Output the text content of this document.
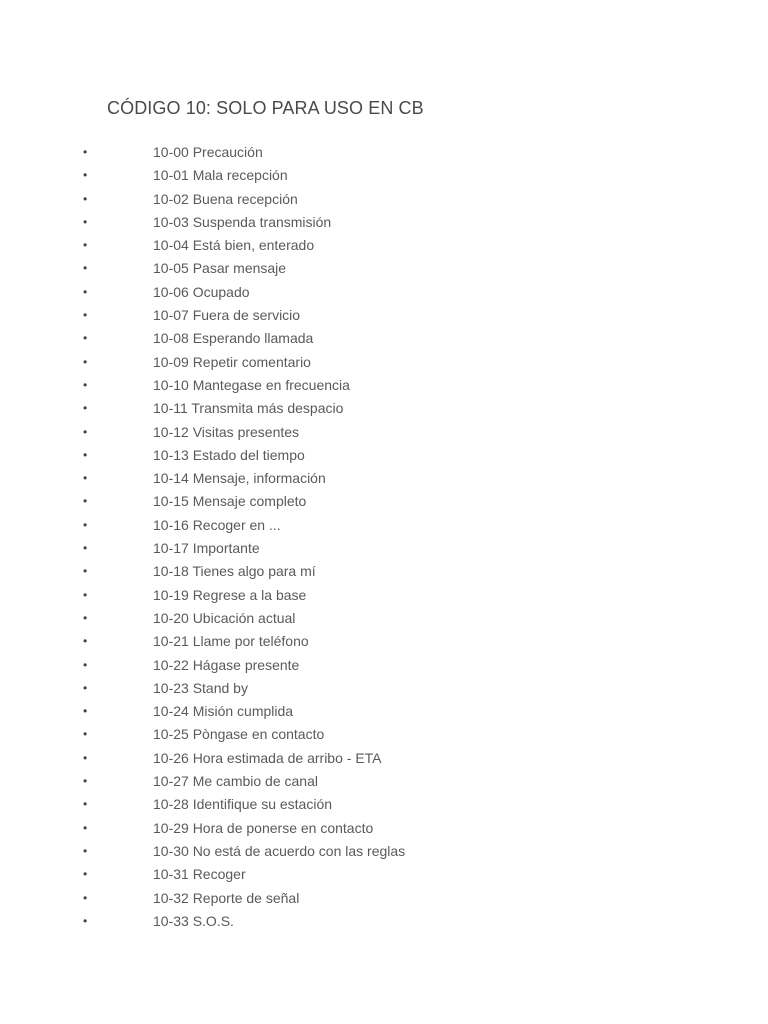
CÓDIGO 10: SOLO PARA USO EN CB
•	10-00 Precaución
•	10-01 Mala recepción
•	10-02 Buena recepción
•	10-03 Suspenda transmisión
•	10-04 Está bien, enterado
•	10-05 Pasar mensaje
•	10-06 Ocupado
•	10-07 Fuera de servicio
•	10-08 Esperando llamada
•	10-09 Repetir comentario
•	10-10 Mantegase en frecuencia
•	10-11 Transmita más despacio
•	10-12 Visitas presentes
•	10-13 Estado del tiempo
•	10-14 Mensaje, información
•	10-15 Mensaje completo
•	10-16 Recoger en ...
•	10-17 Importante
•	10-18 Tienes algo para mí
•	10-19 Regrese a la base
•	10-20 Ubicación actual
•	10-21 Llame por teléfono
•	10-22 Hágase presente
•	10-23 Stand by
•	10-24 Misión cumplida
•	10-25 Pòngase en contacto
•	10-26 Hora estimada de arribo - ETA
•	10-27 Me cambio de canal
•	10-28 Identifique su estación
•	10-29 Hora de ponerse en contacto
•	10-30 No está de acuerdo con las reglas
•	10-31 Recoger
•	10-32 Reporte de señal
•	10-33 S.O.S.
